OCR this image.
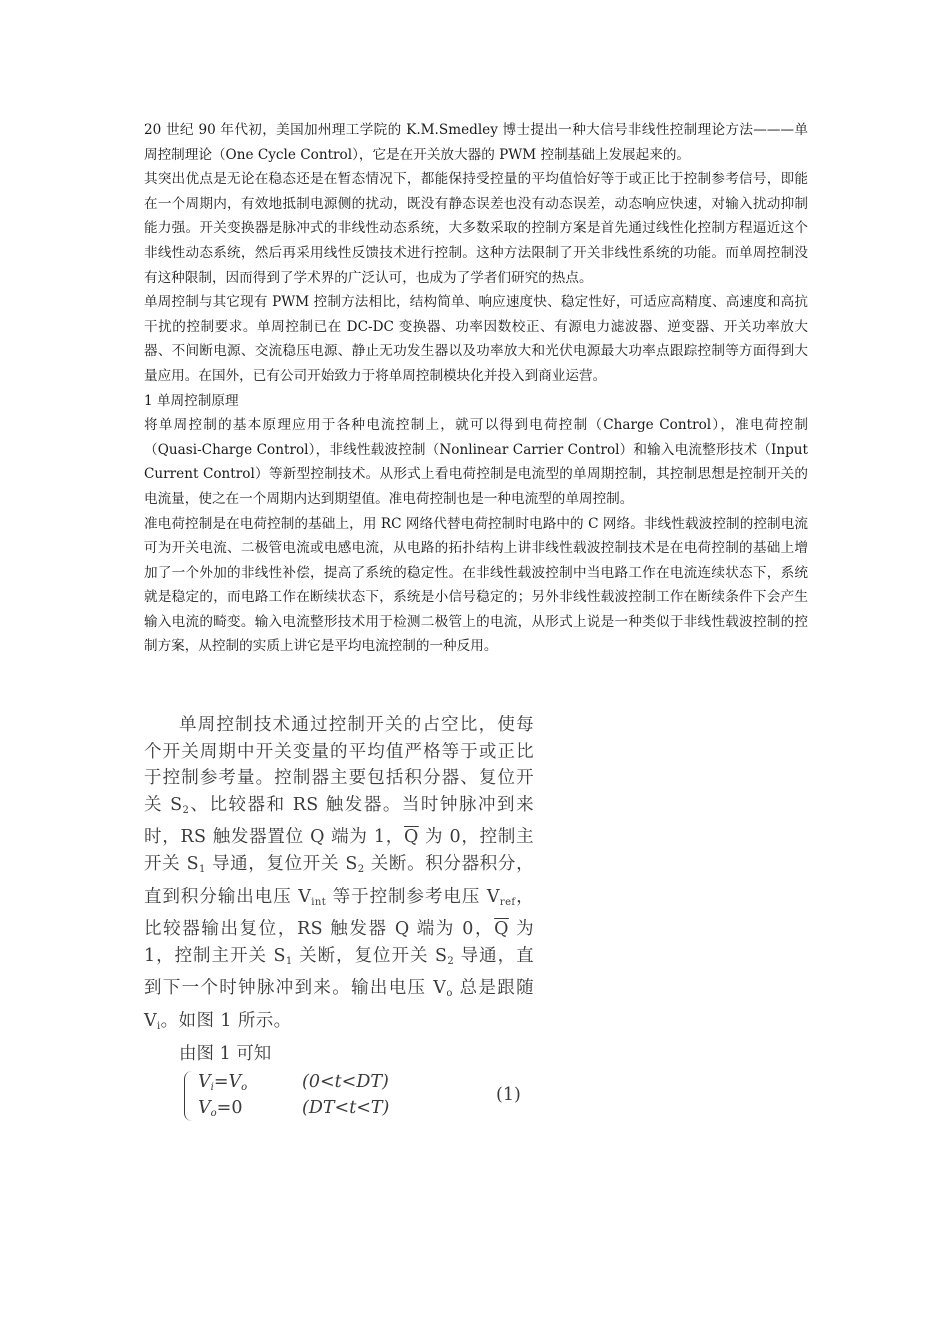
20 世纪 90 年代初，美国加州理工学院的 K.M.Smedley 博士提出一种大信号非线性控制理论方法———单周控制理论（One Cycle Control），它是在开关放大器的 PWM 控制基础上发展起来的。

其突出优点是无论在稳态还是在暂态情况下，都能保持受控量的平均值恰好等于或正比于控制参考信号，即能在一个周期内，有效地抵制电源侧的扰动，既没有静态误差也没有动态误差，动态响应快速，对输入扰动抑制能力强。开关变换器是脉冲式的非线性动态系统，大多数采取的控制方案是首先通过线性化控制方程逼近这个非线性动态系统，然后再采用线性反馈技术进行控制。这种方法限制了开关非线性系统的功能。而单周控制没有这种限制，因而得到了学术界的广泛认可，也成为了学者们研究的热点。

单周控制与其它现有 PWM 控制方法相比，结构简单、响应速度快、稳定性好，可适应高精度、高速度和高抗干扰的控制要求。单周控制已在 DC-DC 变换器、功率因数校正、有源电力滤波器、逆变器、开关功率放大器、不间断电源、交流稳压电源、静止无功发生器以及功率放大和光伏电源最大功率点跟踪控制等方面得到大量应用。在国外，已有公司开始致力于将单周控制模块化并投入到商业运营。

1 单周控制原理

将单周控制的基本原理应用于各种电流控制上，就可以得到电荷控制（Charge Control），准电荷控制（Quasi-Charge Control），非线性载波控制（Nonlinear Carrier Control）和输入电流整形技术（Input Current Control）等新型控制技术。从形式上看电荷控制是电流型的单周期控制，其控制思想是控制开关的电流量，使之在一个周期内达到期望值。准电荷控制也是一种电流型的单周控制。

准电荷控制是在电荷控制的基础上，用 RC 网络代替电荷控制时电路中的 C 网络。非线性载波控制的控制电流可为开关电流、二极管电流或电感电流，从电路的拓扑结构上讲非线性载波控制技术是在电荷控制的基础上增加了一个外加的非线性补偿，提高了系统的稳定性。在非线性载波控制中当电路工作在电流连续状态下，系统就是稳定的，而电路工作在断续状态下，系统是小信号稳定的；另外非线性载波控制工作在断续条件下会产生输入电流的畸变。输入电流整形技术用于检测二极管上的电流，从形式上说是一种类似于非线性载波控制的控制方案，从控制的实质上讲它是平均电流控制的一种反用。

单周控制技术通过控制开关的占空比，使每个开关周期中开关变量的平均值严格等于或正比于控制参考量。控制器主要包括积分器、复位开关 $S_2$、比较器和 RS 触发器。当时钟脉冲到来时，RS 触发器置位 Q 端为 1，$\overline{Q}$ 为 0，控制主开关 $S_1$ 导通，复位开关 $S_2$ 关断。积分器积分，直到积分输出电压 $V_{int}$ 等于控制参考电压 $V_{ref}$，比较器输出复位，RS 触发器 Q 端为 0，$\overline{Q}$ 为 1，控制主开关 $S_1$ 关断，复位开关 $S_2$ 导通，直到下一个时钟脉冲到来。输出电压 $V_o$ 总是跟随 $V_i$。如图 1 所示。

由图 1 可知

$V_i=V_o$	(0<t<DT)
$V_o=0$	(DT<t<T)
(1)
